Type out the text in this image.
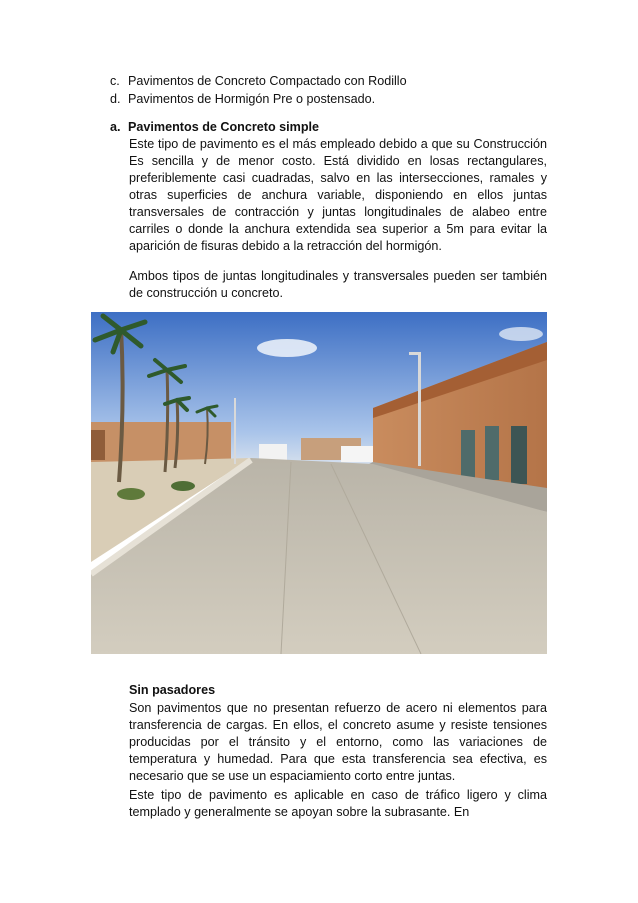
c. Pavimentos de Concreto Compactado con Rodillo
d. Pavimentos de Hormigón Pre o postensado.
a. Pavimentos de Concreto simple
Este tipo de pavimento es el más empleado debido a que su Construcción Es sencilla y de menor costo. Está dividido en losas rectangulares, preferiblemente casi cuadradas, salvo en las intersecciones, ramales y otras superficies de anchura variable, disponiendo en ellos juntas transversales de contracción y juntas longitudinales de alabeo entre carriles o donde la anchura extendida sea superior a 5m para evitar la aparición de fisuras debido a la retracción del hormigón.
Ambos tipos de juntas longitudinales y transversales pueden ser también de construcción u concreto.
Sin pasadores
Son pavimentos que no presentan refuerzo de acero ni elementos para transferencia de cargas. En ellos, el concreto asume y resiste tensiones producidas por el tránsito y el entorno, como las variaciones de temperatura y humedad. Para que esta transferencia sea efectiva, es necesario que se use un espaciamiento corto entre juntas.
Este tipo de pavimento es aplicable en caso de tráfico ligero y clima templado y generalmente se apoyan sobre la subrasante. En
